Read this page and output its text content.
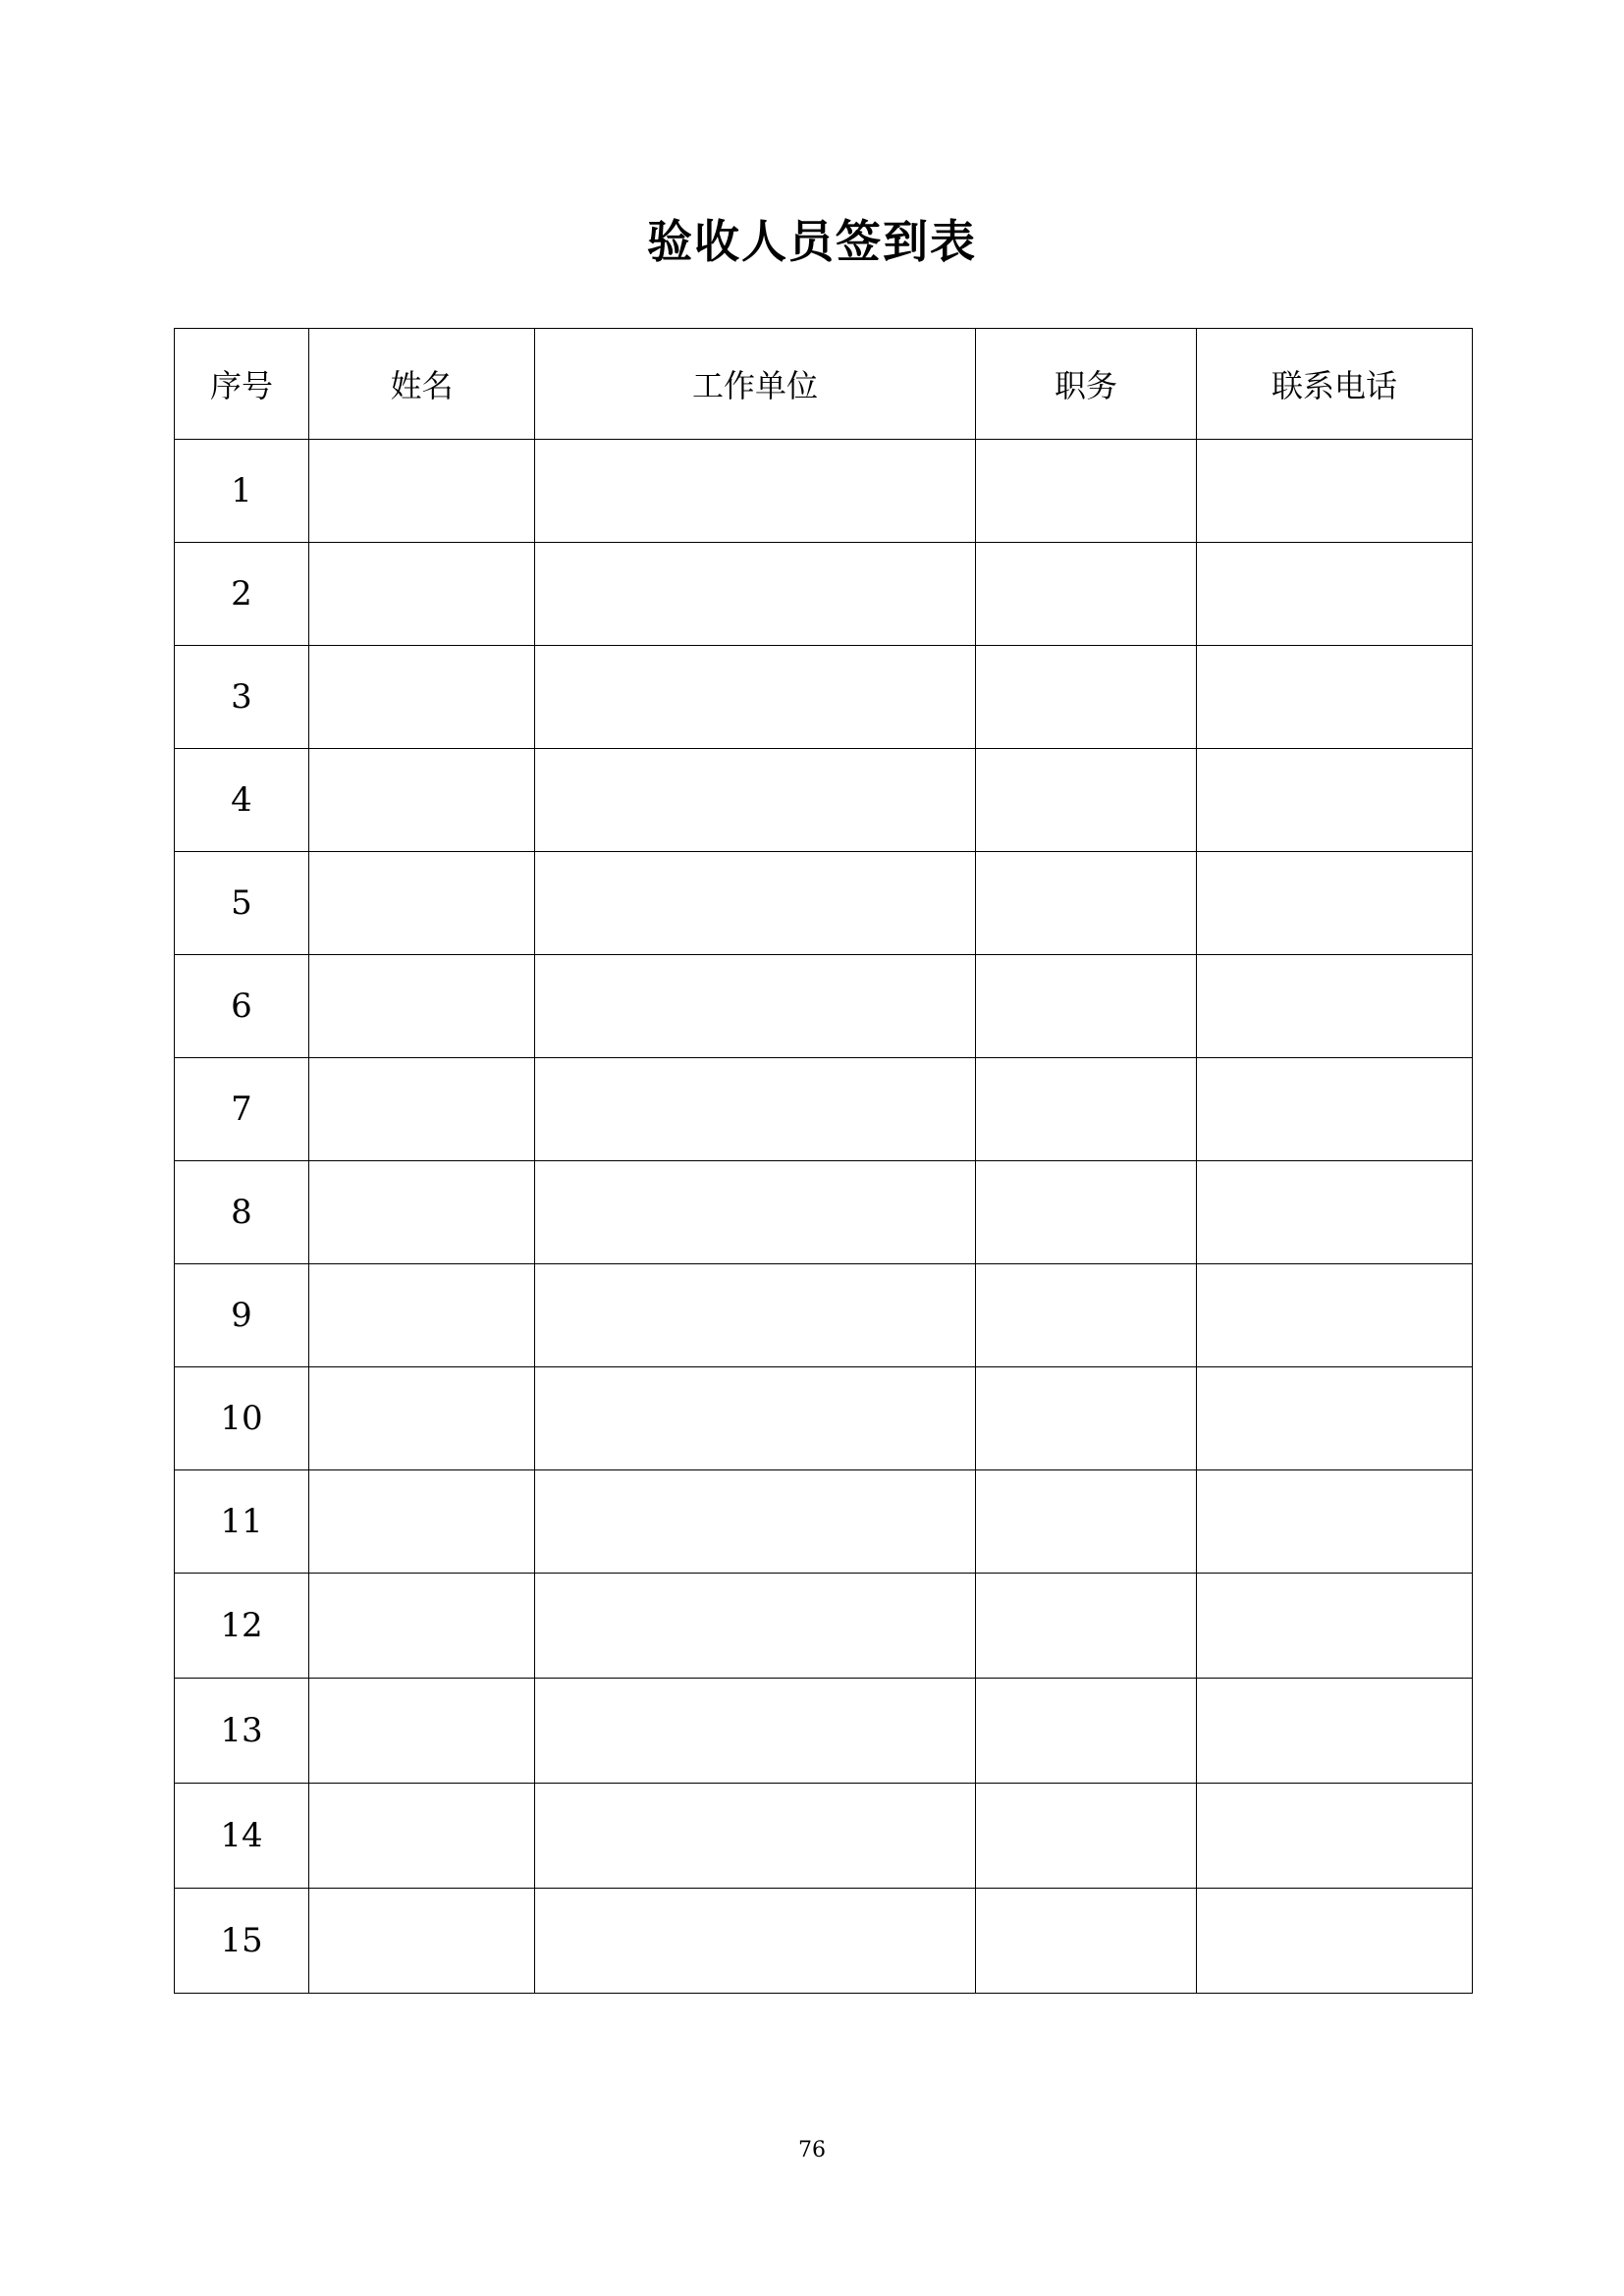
验收人员签到表
序号	姓名	工作单位	职务	联系电话
1				
2				
3				
4				
5				
6				
7				
8				
9				
10				
11				
12				
13				
14				
15				
76
